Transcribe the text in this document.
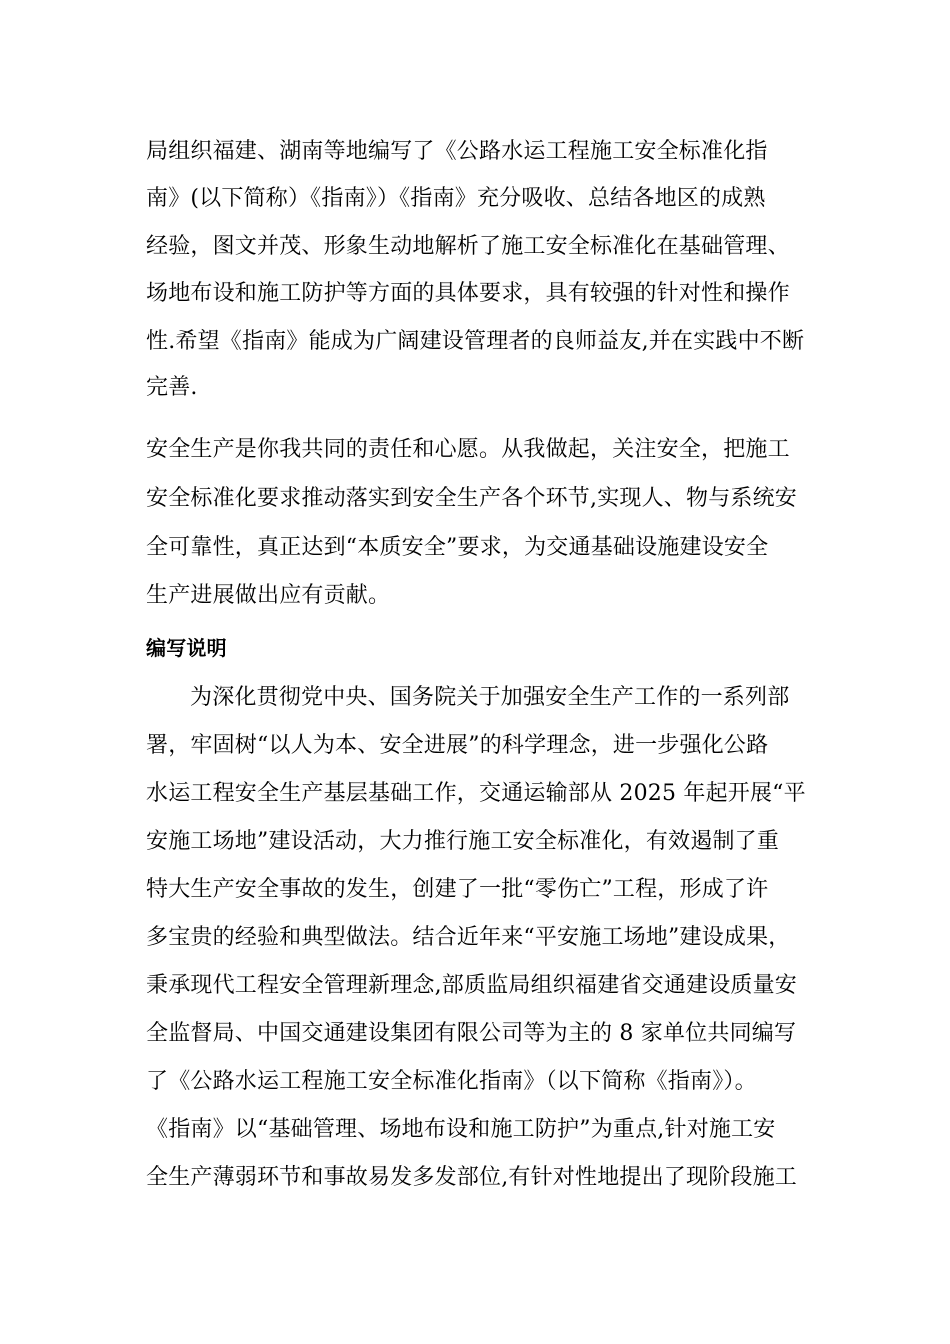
局组织福建、湖南等地编写了《公路水运工程施工安全标准化指
南》(以下简称）《指南》）《指南》充分吸收、总结各地区的成熟
经验，图文并茂、形象生动地解析了施工安全标准化在基础管理、
场地布设和施工防护等方面的具体要求，具有较强的针对性和操作
性.希望《指南》能成为广阔建设管理者的良师益友,并在实践中不断
完善.
安全生产是你我共同的责任和心愿。从我做起，关注安全，把施工
安全标准化要求推动落实到安全生产各个环节,实现人、物与系统安
全可靠性，真正达到“本质安全”要求，为交通基础设施建设安全
生产进展做出应有贡献。
编写说明
为深化贯彻党中央、国务院关于加强安全生产工作的一系列部
署，牢固树“以人为本、安全进展”的科学理念，进一步强化公路
水运工程安全生产基层基础工作，交通运输部从 2025 年起开展“平
安施工场地”建设活动，大力推行施工安全标准化，有效遏制了重
特大生产安全事故的发生，创建了一批“零伤亡”工程，形成了许
多宝贵的经验和典型做法。结合近年来“平安施工场地”建设成果，
秉承现代工程安全管理新理念,部质监局组织福建省交通建设质量安
全监督局、中国交通建设集团有限公司等为主的 8 家单位共同编写
了《公路水运工程施工安全标准化指南》（以下简称《指南》）。
《指南》以“基础管理、场地布设和施工防护”为重点,针对施工安
全生产薄弱环节和事故易发多发部位,有针对性地提出了现阶段施工
